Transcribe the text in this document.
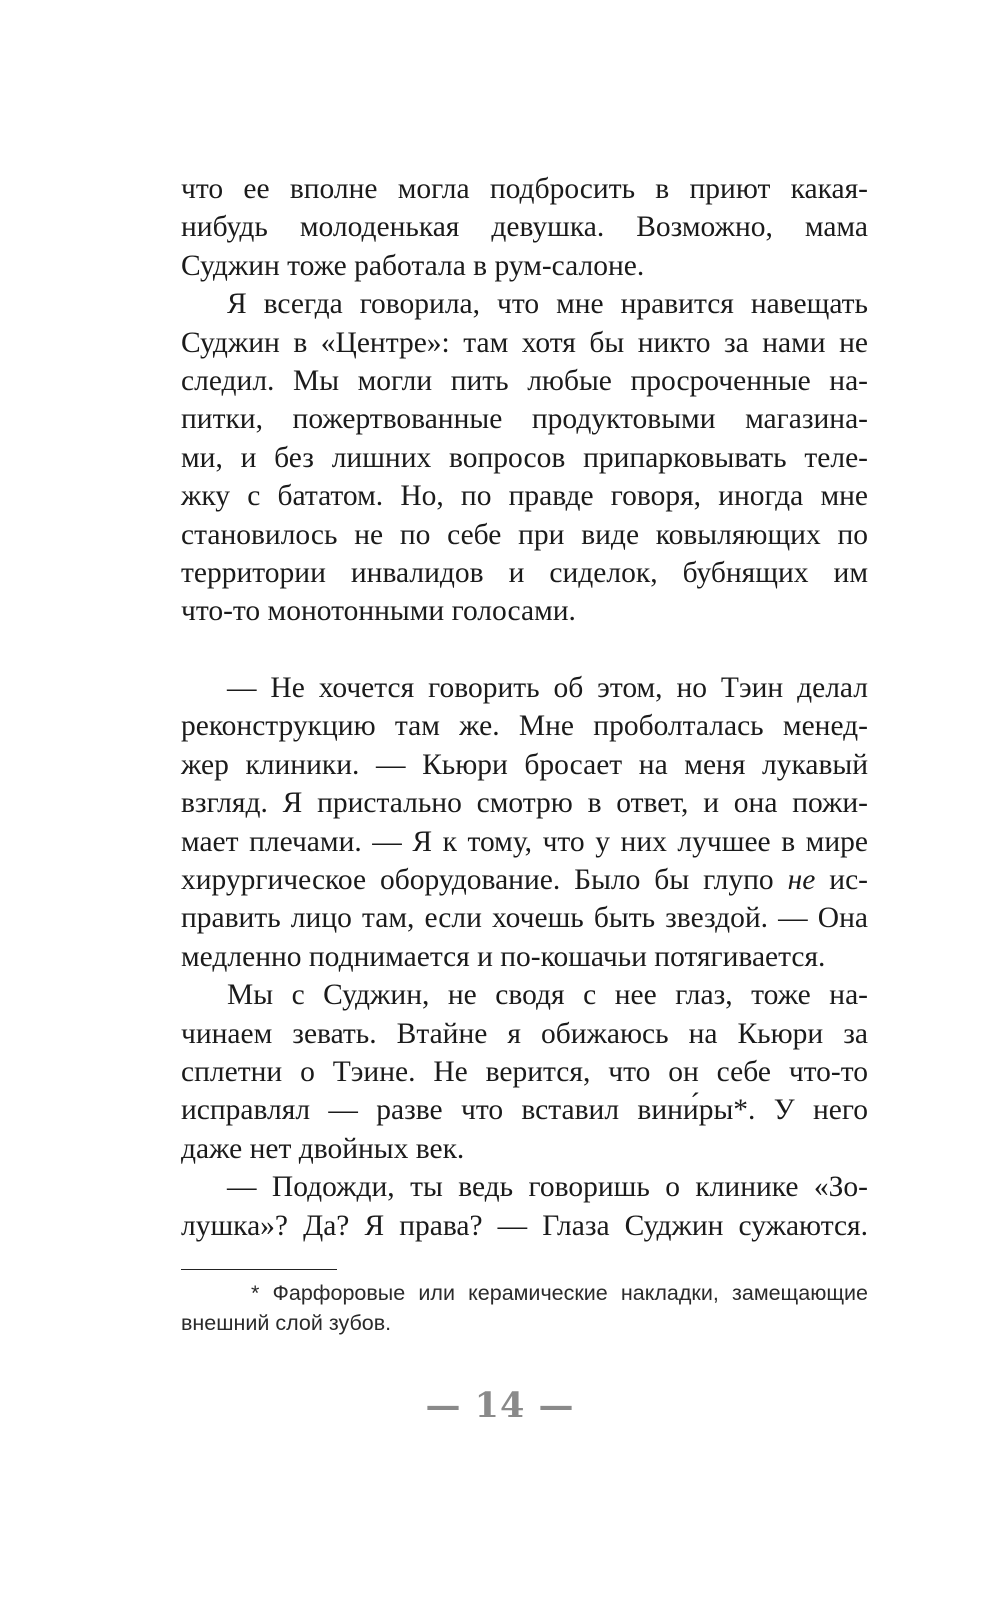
что ее вполне могла подбросить в приют какая-
нибудь молоденькая девушка. Возможно, мама
Суджин тоже работала в рум-салоне.

Я всегда говорила, что мне нравится навещать
Суджин в «Центре»: там хотя бы никто за нами не
следил. Мы могли пить любые просроченные на-
питки, пожертвованные продуктовыми магазина-
ми, и без лишних вопросов припарковывать теле-
жку с бататом. Но, по правде говоря, иногда мне
становилось не по себе при виде ковыляющих по
территории инвалидов и сиделок, бубнящих им
что-то монотонными голосами.

— Не хочется говорить об этом, но Тэин делал
реконструкцию там же. Мне проболталась менед-
жер клиники. — Кьюри бросает на меня лукавый
взгляд. Я пристально смотрю в ответ, и она пожи-
мает плечами. — Я к тому, что у них лучшее в мире
хирургическое оборудование. Было бы глупо не ис-
править лицо там, если хочешь быть звездой. — Она
медленно поднимается и по-кошачьи потягивается.

Мы с Суджин, не сводя с нее глаз, тоже на-
чинаем зевать. Втайне я обижаюсь на Кьюри за
сплетни о Тэине. Не верится, что он себе что-то
исправлял — разве что вставил вини́ры*. У него
даже нет двойных век.

— Подожди, ты ведь говоришь о клинике «Зо-
лушка»? Да? Я права? — Глаза Суджин сужаются.

* Фарфоровые или керамические накладки, замещающие
внешний слой зубов.
— 14 —
